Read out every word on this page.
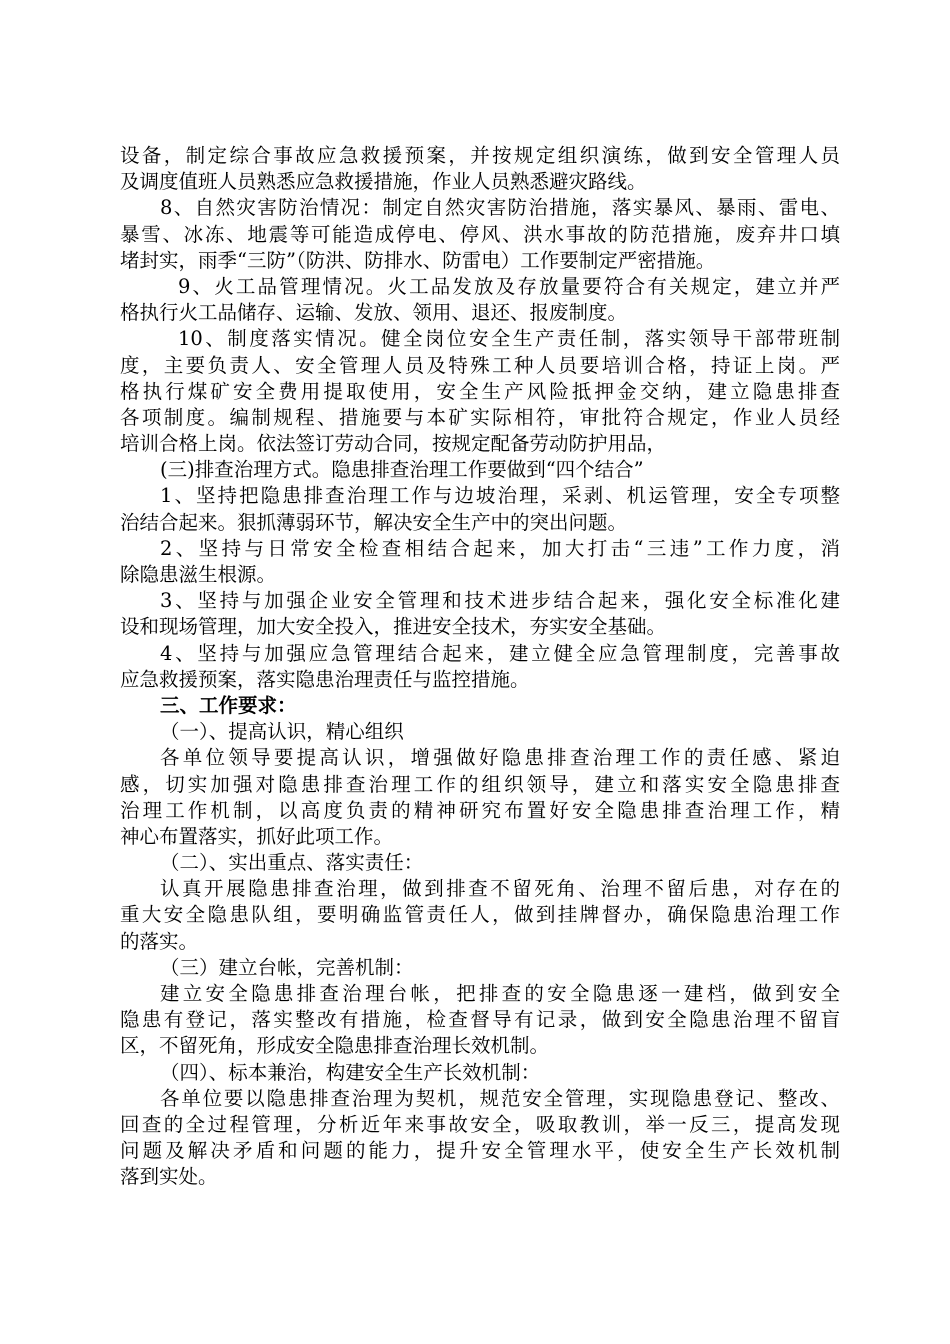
设备，制定综合事故应急救援预案，并按规定组织演练，做到安全管理人员
及调度值班人员熟悉应急救援措施，作业人员熟悉避灾路线。
8、自然灾害防治情况：制定自然灾害防治措施，落实暴风、暴雨、雷电、
暴雪、冰冻、地震等可能造成停电、停风、洪水事故的防范措施，废弃井口填
堵封实，雨季“三防”（防洪、防排水、防雷电）工作要制定严密措施。
9、火工品管理情况。火工品发放及存放量要符合有关规定，建立并严
格执行火工品储存、运输、发放、领用、退还、报废制度。
10、制度落实情况。健全岗位安全生产责任制，落实领导干部带班制
度，主要负责人、安全管理人员及特殊工种人员要培训合格，持证上岗。严
格执行煤矿安全费用提取使用，安全生产风险抵押金交纳，建立隐患排查
各项制度。编制规程、措施要与本矿实际相符，审批符合规定，作业人员经
培训合格上岗。依法签订劳动合同，按规定配备劳动防护用品，
(三)排查治理方式。隐患排查治理工作要做到“四个结合”
1、坚持把隐患排查治理工作与边坡治理，采剥、机运管理，安全专项整
治结合起来。狠抓薄弱环节，解决安全生产中的突出问题。
2、坚持与日常安全检查相结合起来，加大打击“三违”工作力度，消
除隐患滋生根源。
3、坚持与加强企业安全管理和技术进步结合起来，强化安全标准化建
设和现场管理，加大安全投入，推进安全技术，夯实安全基础。
4、坚持与加强应急管理结合起来，建立健全应急管理制度，完善事故
应急救援预案，落实隐患治理责任与监控措施。
三、工作要求：
（一）、提高认识，精心组织
各单位领导要提高认识，增强做好隐患排查治理工作的责任感、紧迫
感，切实加强对隐患排查治理工作的组织领导，建立和落实安全隐患排查
治理工作机制，以高度负责的精神研究布置好安全隐患排查治理工作，精
神心布置落实，抓好此项工作。
（二）、实出重点、落实责任：
认真开展隐患排查治理，做到排查不留死角、治理不留后患，对存在的
重大安全隐患队组，要明确监管责任人，做到挂牌督办，确保隐患治理工作
的落实。
（三）建立台帐，完善机制：
建立安全隐患排查治理台帐，把排查的安全隐患逐一建档，做到安全
隐患有登记，落实整改有措施，检查督导有记录，做到安全隐患治理不留盲
区，不留死角，形成安全隐患排查治理长效机制。
（四）、标本兼治，构建安全生产长效机制：
各单位要以隐患排查治理为契机，规范安全管理，实现隐患登记、整改、
回查的全过程管理，分析近年来事故安全，吸取教训，举一反三，提高发现
问题及解决矛盾和问题的能力，提升安全管理水平，使安全生产长效机制
落到实处。
